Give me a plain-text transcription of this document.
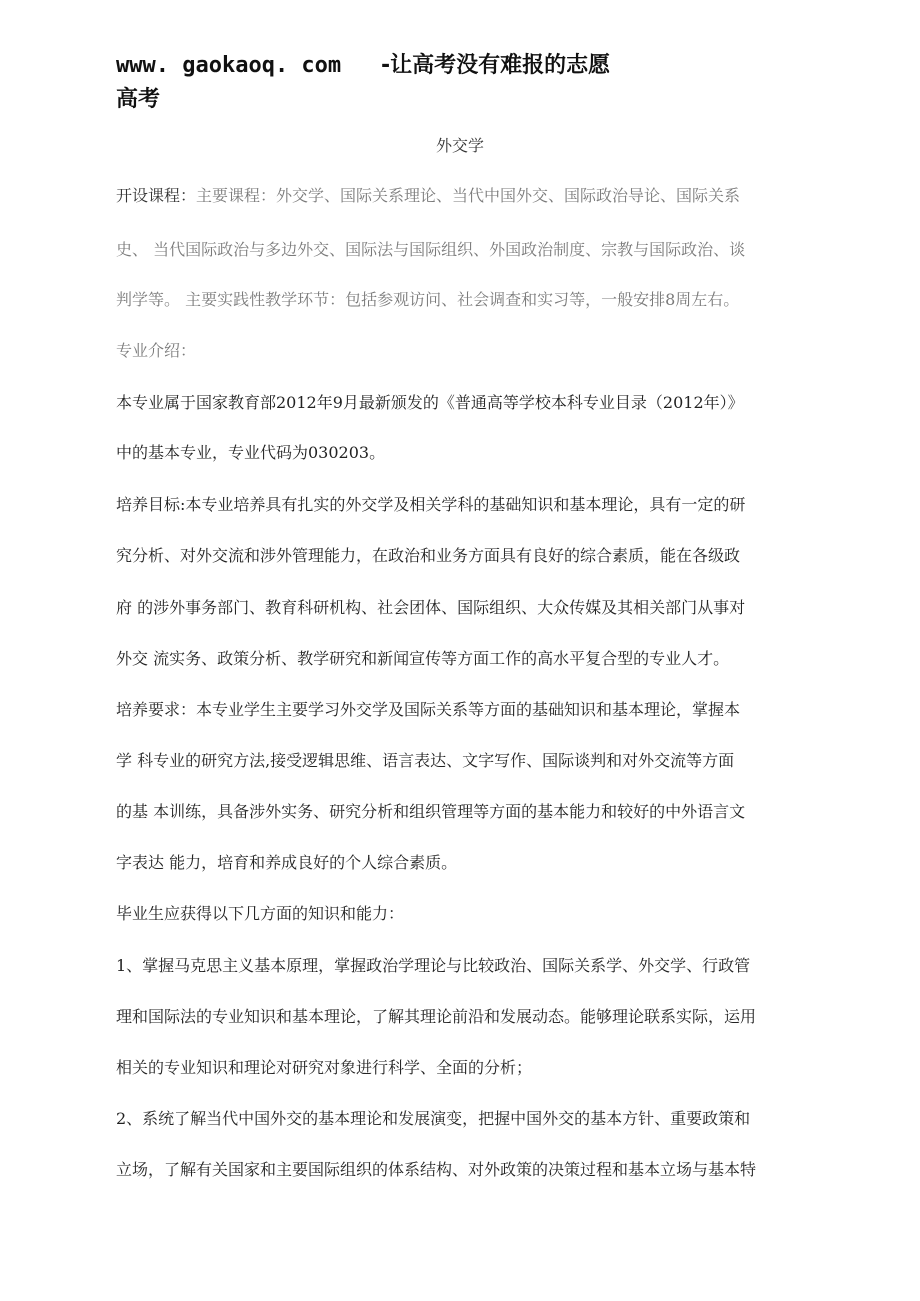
www. gaokaoq. com -让高考没有难报的志愿
高考
外交学
开设课程：主要课程：外交学、国际关系理论、当代中国外交、国际政治导论、国际关系
史、 当代国际政治与多边外交、国际法与国际组织、外国政治制度、宗教与国际政治、谈
判学等。 主要实践性教学环节：包括参观访问、社会调查和实习等，一般安排8周左右。
专业介绍：
本专业属于国家教育部2012年9月最新颁发的《普通高等学校本科专业目录（2012年）》
中的基本专业，专业代码为030203。
培养目标:本专业培养具有扎实的外交学及相关学科的基础知识和基本理论，具有一定的研
究分析、对外交流和涉外管理能力，在政治和业务方面具有良好的综合素质，能在各级政
府 的涉外事务部门、教育科研机构、社会团体、国际组织、大众传媒及其相关部门从事对
外交 流实务、政策分析、教学研究和新闻宣传等方面工作的高水平复合型的专业人才。
培养要求：本专业学生主要学习外交学及国际关系等方面的基础知识和基本理论，掌握本
学 科专业的研究方法,接受逻辑思维、语言表达、文字写作、国际谈判和对外交流等方面
的基 本训练，具备涉外实务、研究分析和组织管理等方面的基本能力和较好的中外语言文
字表达 能力，培育和养成良好的个人综合素质。
毕业生应获得以下几方面的知识和能力：
1、掌握马克思主义基本原理，掌握政治学理论与比较政治、国际关系学、外交学、行政管
理和国际法的专业知识和基本理论，了解其理论前沿和发展动态。能够理论联系实际，运用
相关的专业知识和理论对研究对象进行科学、全面的分析；
2、系统了解当代中国外交的基本理论和发展演变，把握中国外交的基本方针、重要政策和
立场，了解有关国家和主要国际组织的体系结构、对外政策的决策过程和基本立场与基本特
